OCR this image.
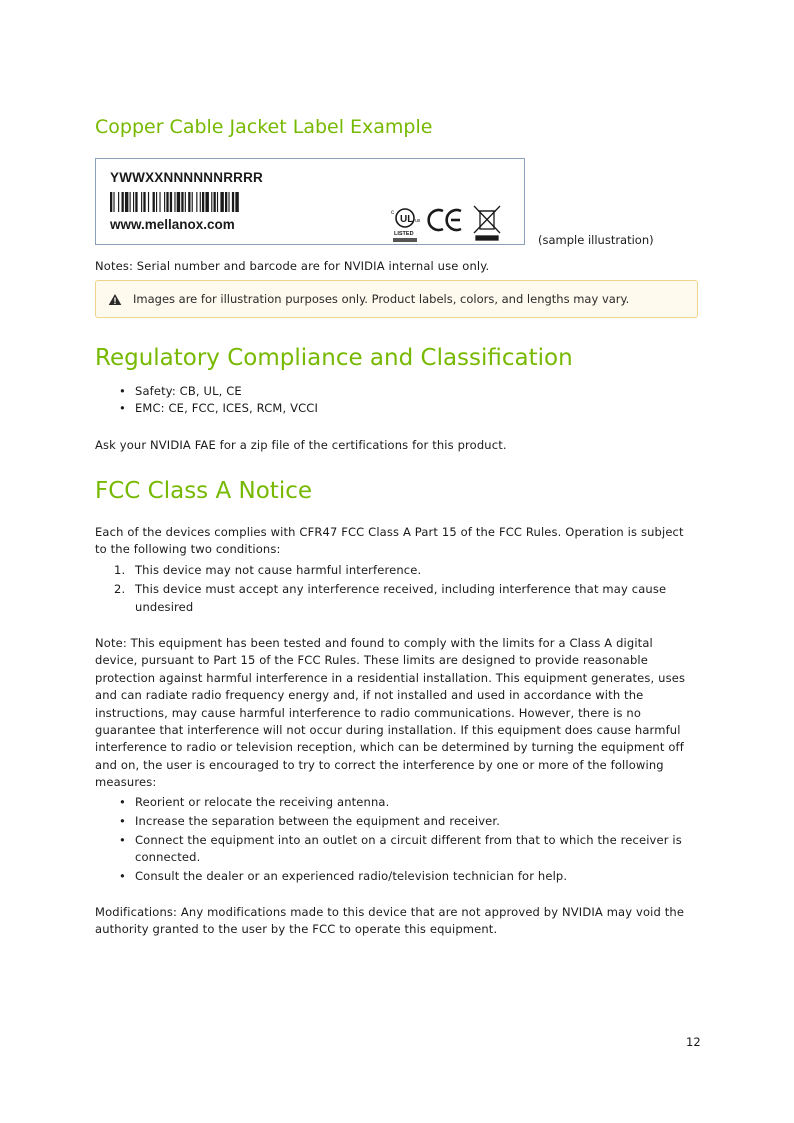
Copper Cable Jacket Label Example
YWWXXNNNNNNRRRR
www.mellanox.com	UL
c
us
LISTED	(sample illustration)
Notes: Serial number and barcode are for NVIDIA internal use only.
Images are for illustration purposes only. Product labels, colors, and lengths may vary.
Regulatory Compliance and Classification
• Safety: CB, UL, CE
• EMC: CE, FCC, ICES, RCM, VCCI
Ask your NVIDIA FAE for a zip file of the certifications for this product.
FCC Class A Notice
Each of the devices complies with CFR47 FCC Class A Part 15 of the FCC Rules. Operation is subject
to the following two conditions:
1. This device may not cause harmful interference.
2. This device must accept any interference received, including interference that may cause
undesired
Note: This equipment has been tested and found to comply with the limits for a Class A digital
device, pursuant to Part 15 of the FCC Rules. These limits are designed to provide reasonable
protection against harmful interference in a residential installation. This equipment generates, uses
and can radiate radio frequency energy and, if not installed and used in accordance with the
instructions, may cause harmful interference to radio communications. However, there is no
guarantee that interference will not occur during installation. If this equipment does cause harmful
interference to radio or television reception, which can be determined by turning the equipment off
and on, the user is encouraged to try to correct the interference by one or more of the following
measures:
• Reorient or relocate the receiving antenna.
• Increase the separation between the equipment and receiver.
• Connect the equipment into an outlet on a circuit different from that to which the receiver is
connected.
• Consult the dealer or an experienced radio/television technician for help.
Modifications: Any modifications made to this device that are not approved by NVIDIA may void the
authority granted to the user by the FCC to operate this equipment.
12
